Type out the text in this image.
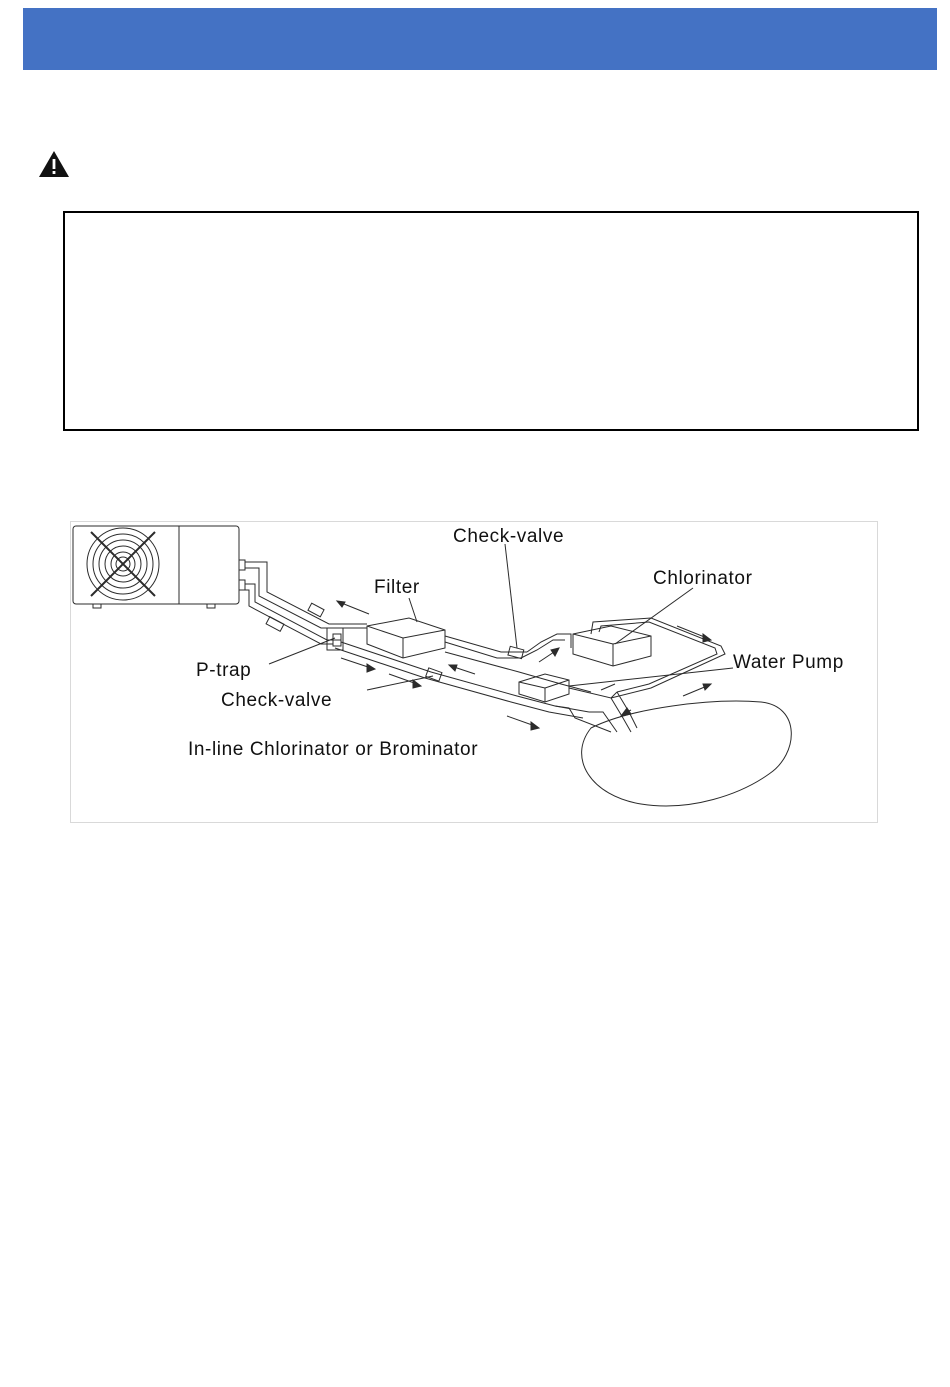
Check-valve
Filter	Chlorinator
Water Pump
P-trap
Check-valve
In-line Chlorinator or Brominator
